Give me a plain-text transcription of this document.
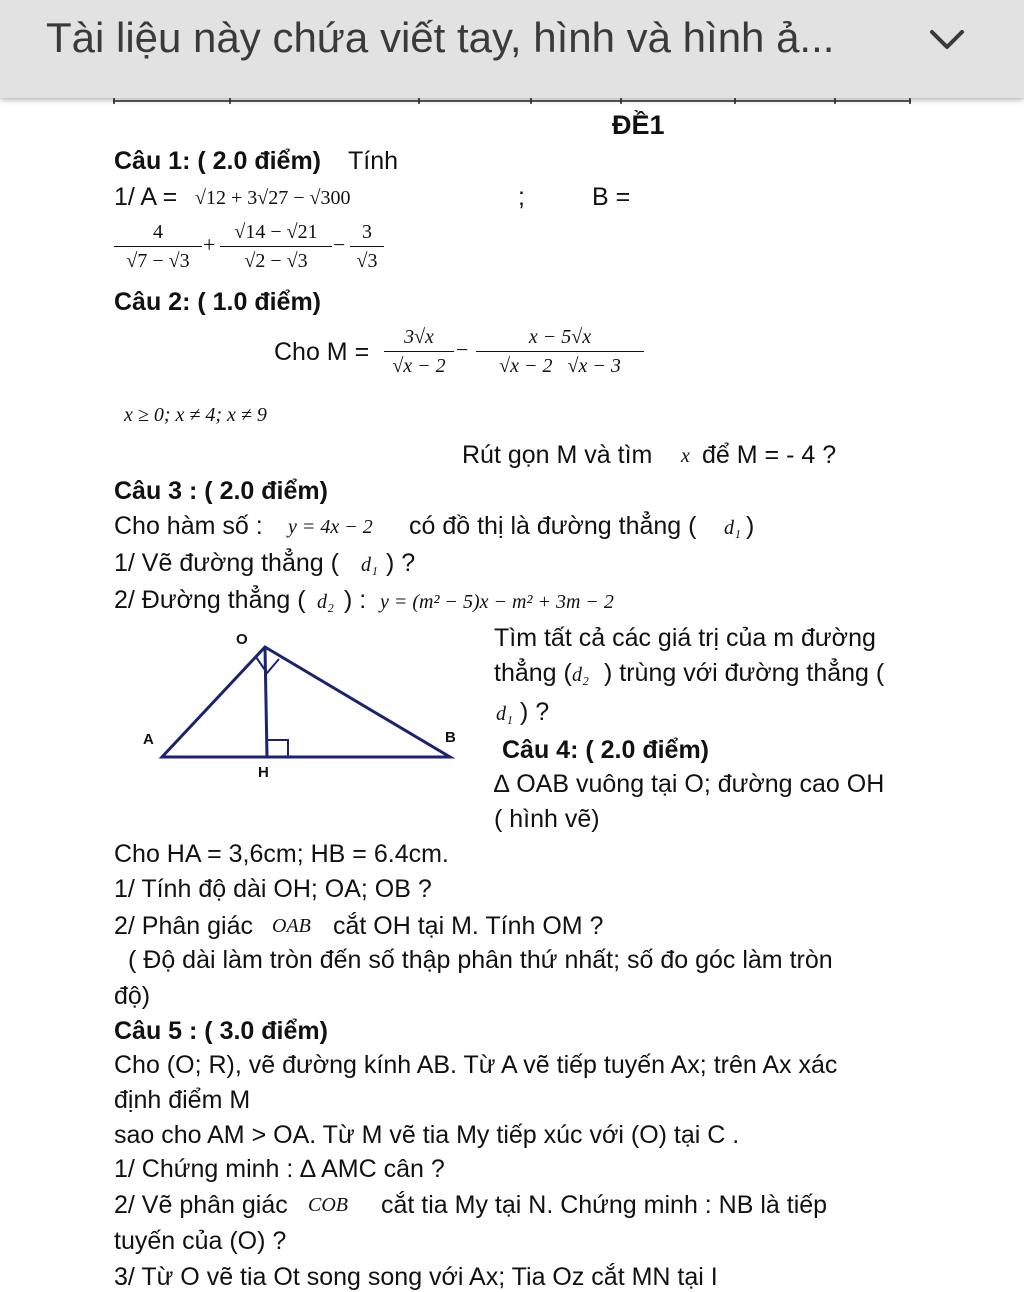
Tài liệu này chứa viết tay, hình và hình ả...
ĐỀ1
Câu 1: ( 2.0 điểm) Tính
1/ A = √12 + 3√27 − √300	;	B =
$\frac{4}{√7 - √3} + \frac{√14 - √21}{√2 - √3} - \frac{3}{√3}$
Câu 2: ( 1.0 điểm)
Cho $M = \frac{3√x}{√x - 2} - \frac{x - 5√x}{√x - 2 √x - 3}$
x ≥ 0; x ≠ 4; x ≠ 9
Rút gọn M và tìm x để M = - 4 ?
Câu 3 : ( 2.0 điểm)
Cho hàm số : y = 4x − 2 có đồ thị là đường thẳng ( d₁ )
1/ Vẽ đường thẳng ( d₁ ) ?
2/ Đường thẳng ( d₂ ) : y = (m² − 5)x − m² + 3m − 2
Tìm tất cả các giá trị của m đường
thẳng ( d₂ ) trùng với đường thẳng (
d₁ ) ?
O
A	B
H
Câu 4: ( 2.0 điểm)
∆ OAB vuông tại O; đường cao OH
( hình vẽ)
Cho HA = 3,6cm; HB = 6.4cm.
1/ Tính độ dài OH; OA; OB ?
2/ Phân giác OAB cắt OH tại M. Tính OM ?
( Độ dài làm tròn đến số thập phân thứ nhất; số đo góc làm tròn
độ)
Câu 5 : ( 3.0 điểm)
Cho (O; R), vẽ đường kính AB. Từ A vẽ tiếp tuyến Ax; trên Ax xác
định điểm M
sao cho AM > OA. Từ M vẽ tia My tiếp xúc với (O) tại C .
1/ Chứng minh : ∆ AMC cân ?
2/ Vẽ phân giác COB cắt tia My tại N. Chứng minh : NB là tiếp
tuyến của (O) ?
3/ Từ O vẽ tia Ot song song với Ax; Tia Oz cắt MN tại I
